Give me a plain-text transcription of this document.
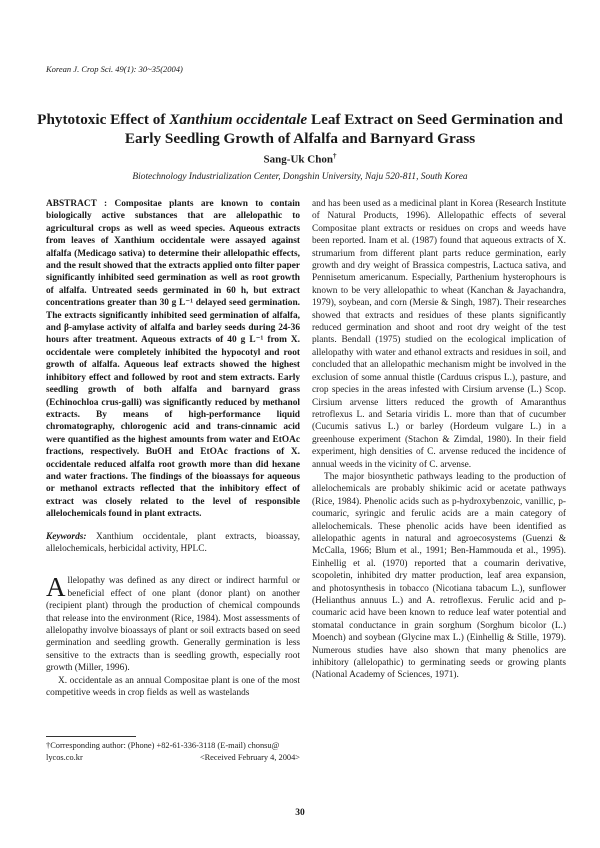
Korean J. Crop Sci. 49(1): 30~35(2004)
Phytotoxic Effect of Xanthium occidentale Leaf Extract on Seed Germination and Early Seedling Growth of Alfalfa and Barnyard Grass
Sang-Uk Chon†
Biotechnology Industrialization Center, Dongshin University, Naju 520-811, South Korea

ABSTRACT : Compositae plants are known to contain biologically active substances that are allelopathic to agricultural crops as well as weed species. Aqueous extracts from leaves of Xanthium occidentale were assayed against alfalfa (Medicago sativa) to determine their allelopathic effects, and the result showed that the extracts applied onto filter paper significantly inhibited seed germination as well as root growth of alfalfa. Untreated seeds germinated in 60 h, but extract concentrations greater than 30 g L⁻¹ delayed seed germination. The extracts significantly inhibited seed germination of alfalfa, and β-amylase activity of alfalfa and barley seeds during 24-36 hours after treatment. Aqueous extracts of 40 g L⁻¹ from X. occidentale were completely inhibited the hypocotyl and root growth of alfalfa. Aqueous leaf extracts showed the highest inhibitory effect and followed by root and stem extracts. Early seedling growth of both alfalfa and barnyard grass (Echinochloa crus-galli) was significantly reduced by methanol extracts. By means of high-performance liquid chromatography, chlorogenic acid and trans-cinnamic acid were quantified as the highest amounts from water and EtOAc fractions, respectively. BuOH and EtOAc fractions of X. occidentale reduced alfalfa root growth more than did hexane and water fractions. The findings of the bioassays for aqueous or methanol extracts reflected that the inhibitory effect of extract was closely related to the level of responsible allelochemicals found in plant extracts.

Keywords: Xanthium occidentale, plant extracts, bioassay, allelochemicals, herbicidal activity, HPLC.

Allelopathy was defined as any direct or indirect harmful or beneficial effect of one plant (donor plant) on another (recipient plant) through the production of chemical compounds that release into the environment (Rice, 1984). Most assessments of allelopathy involve bioassays of plant or soil extracts based on seed germination and seedling growth. Generally germination is less sensitive to the extracts than is seedling growth, especially root growth (Miller, 1996).

X. occidentale as an annual Compositae plant is one of the most competitive weeds in crop fields as well as wastelands

and has been used as a medicinal plant in Korea (Research Institute of Natural Products, 1996). Allelopathic effects of several Compositae plant extracts or residues on crops and weeds have been reported. Inam et al. (1987) found that aqueous extracts of X. strumarium from different plant parts reduce germination, early growth and dry weight of Brassica compestris, Lactuca sativa, and Pennisetum americanum. Especially, Parthenium hysterophours is known to be very allelopathic to wheat (Kanchan & Jayachandra, 1979), soybean, and corn (Mersie & Singh, 1987). Their researches showed that extracts and residues of these plants significantly reduced germination and shoot and root dry weight of the test plants. Bendall (1975) studied on the ecological implication of allelopathy with water and ethanol extracts and residues in soil, and concluded that an allelopathic mechanism might be involved in the exclusion of some annual thistle (Carduus crispus L.), pasture, and crop species in the areas infested with Cirsium arvense (L.) Scop. Cirsium arvense litters reduced the growth of Amaranthus retroflexus L. and Setaria viridis L. more than that of cucumber (Cucumis sativus L.) or barley (Hordeum vulgare L.) in a greenhouse experiment (Stachon & Zimdal, 1980). In their field experiment, high densities of C. arvense reduced the incidence of annual weeds in the vicinity of C. arvense.

The major biosynthetic pathways leading to the production of allelochemicals are probably shikimic acid or acetate pathways (Rice, 1984). Phenolic acids such as p-hydroxybenzoic, vanillic, p-coumaric, syringic and ferulic acids are a main category of allelochemicals. These phenolic acids have been identified as allelopathic agents in natural and agroecosystems (Guenzi & McCalla, 1966; Blum et al., 1991; Ben-Hammouda et al., 1995). Einhellig et al. (1970) reported that a coumarin derivative, scopoletin, inhibited dry matter production, leaf area expansion, and photosynthesis in tobacco (Nicotiana tabacum L.), sunflower (Helianthus annuus L.) and A. retroflexus. Ferulic acid and p-coumaric acid have been known to reduce leaf water potential and stomatal conductance in grain sorghum (Sorghum bicolor (L.) Moench) and soybean (Glycine max L.) (Einhellig & Stille, 1979). Numerous studies have also shown that many phenolics are inhibitory (allelopathic) to germinating seeds or growing plants (National Academy of Sciences, 1971).

†Corresponding author: (Phone) +82-61-336-3118 (E-mail) chonsu@
lycos.co.kr	<Received February 4, 2004>
30
